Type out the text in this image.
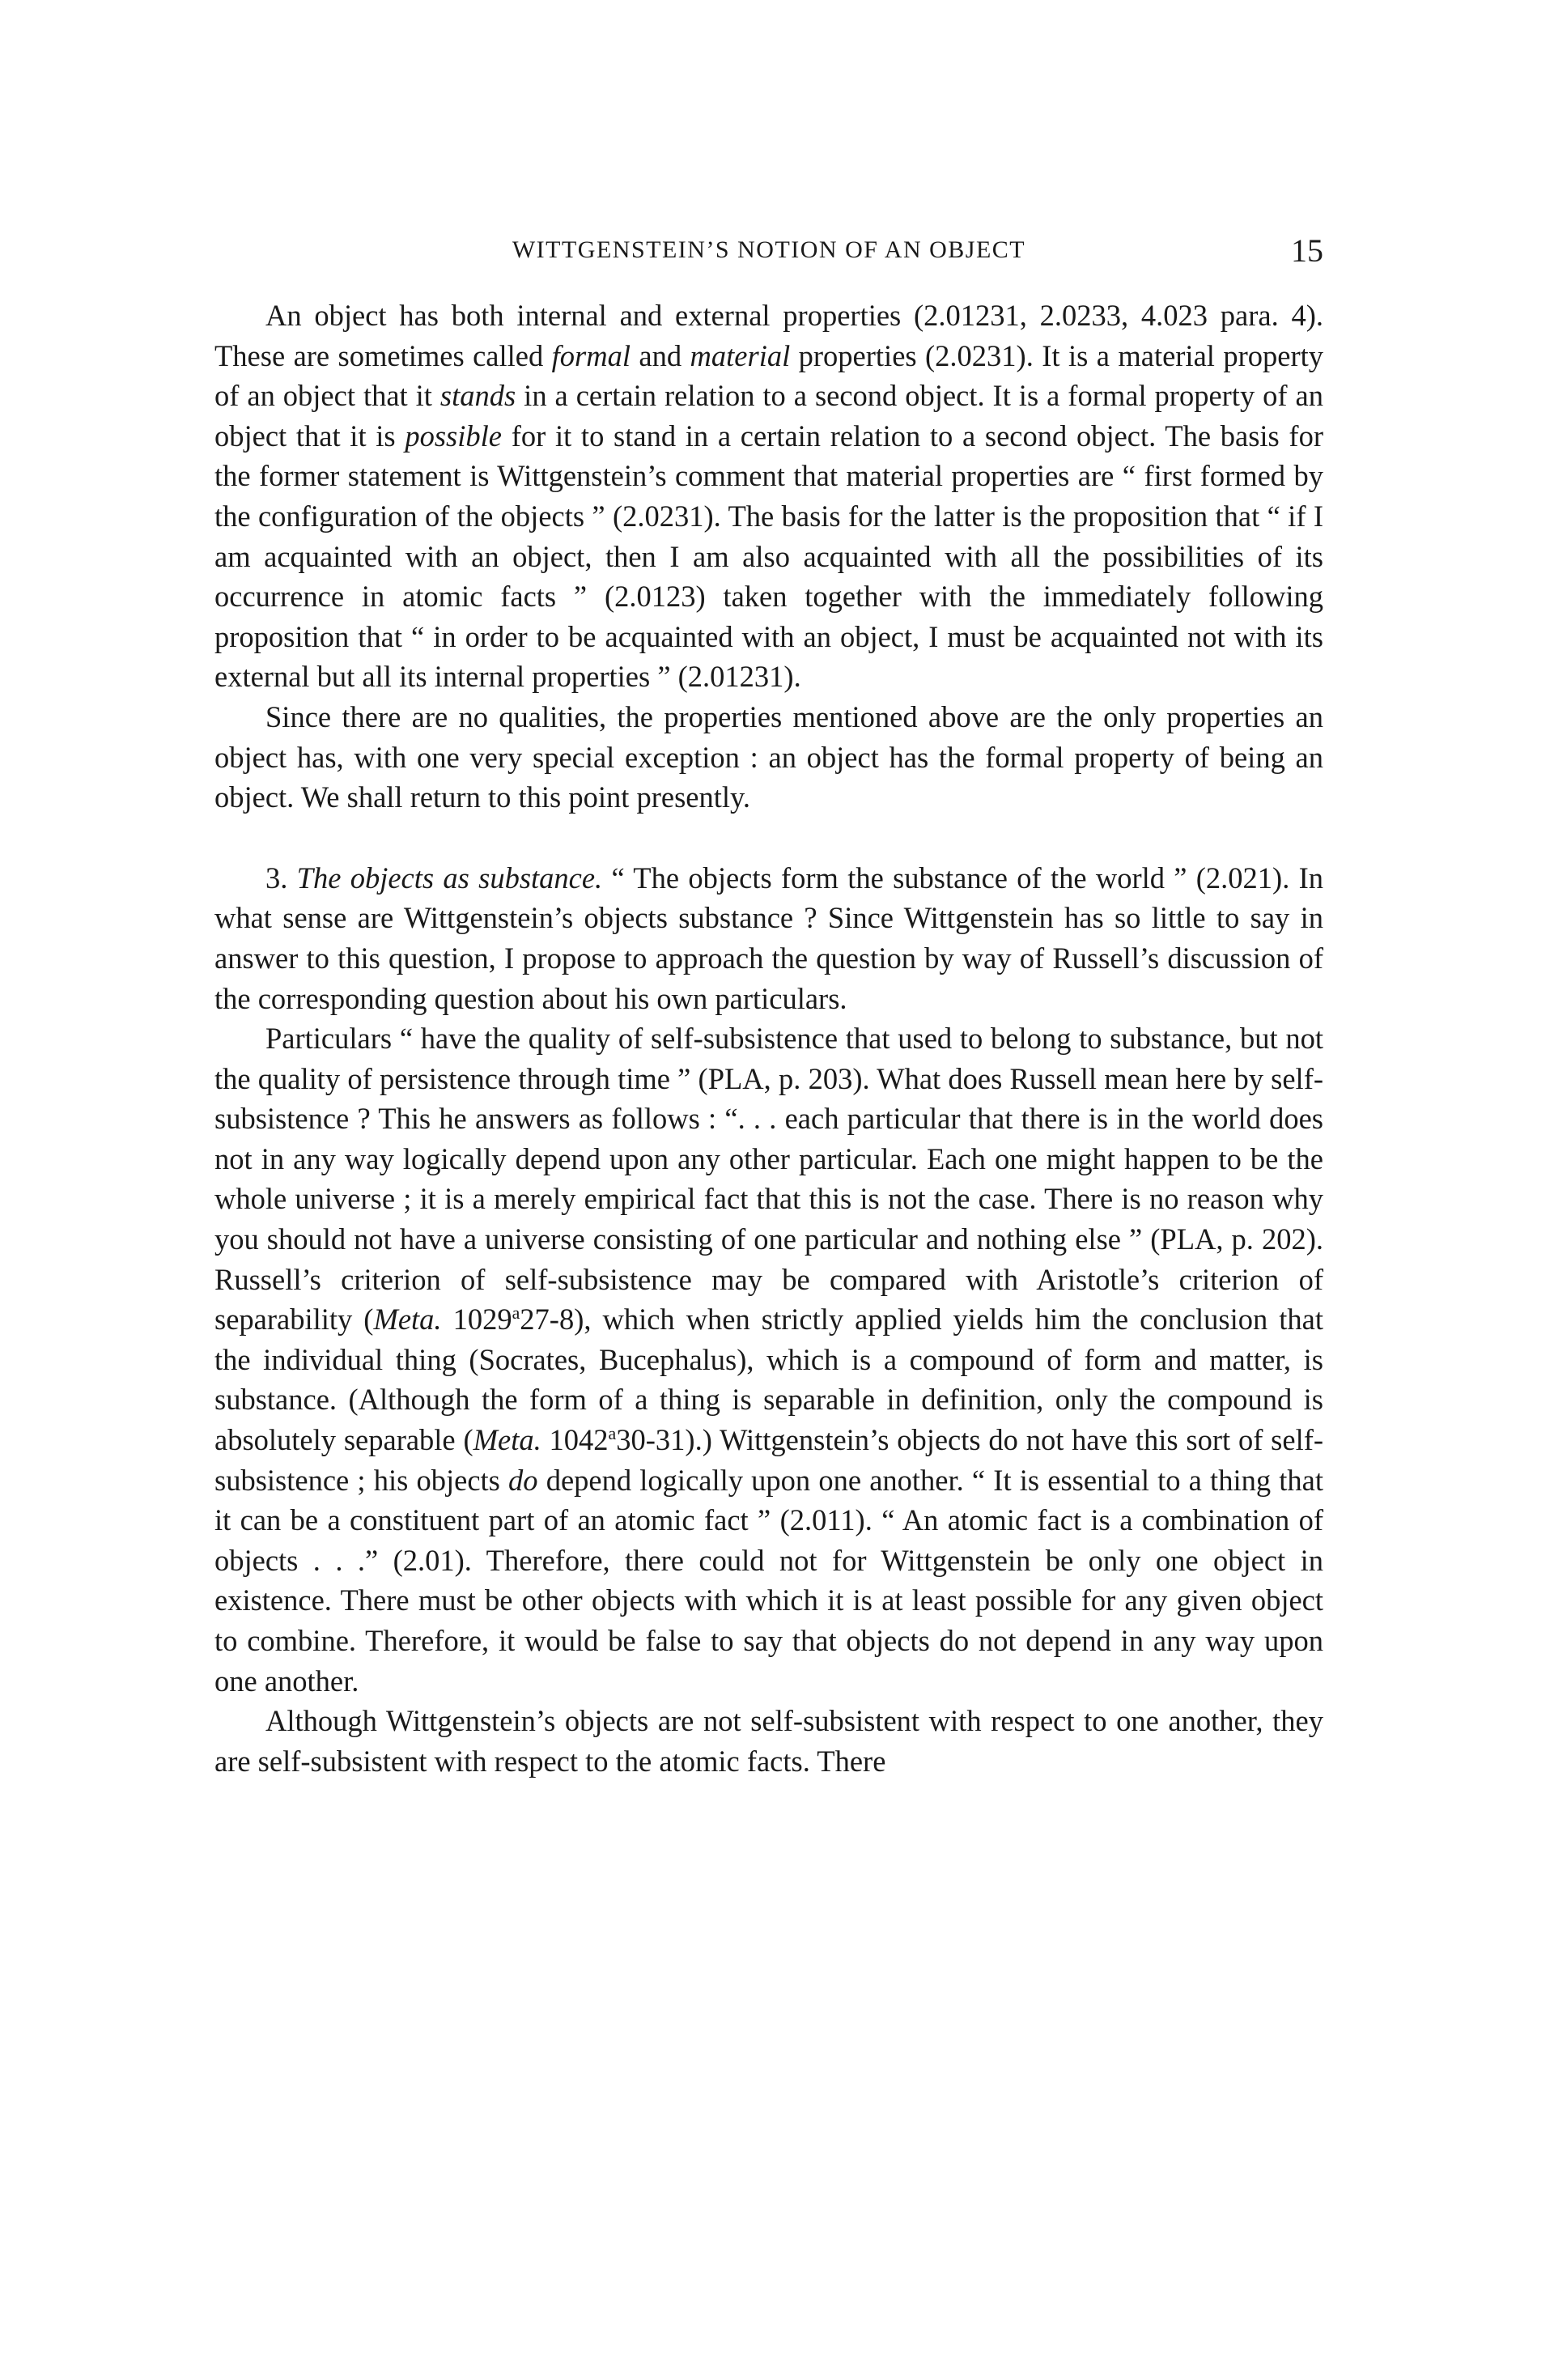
WITTGENSTEIN’S NOTION OF AN OBJECT	15

An object has both internal and external properties (2.01231, 2.0233, 4.023 para. 4). These are sometimes called formal and material properties (2.0231). It is a material property of an object that it stands in a certain relation to a second object. It is a formal property of an object that it is possible for it to stand in a certain relation to a second object. The basis for the former statement is Wittgenstein’s comment that material properties are “ first formed by the configuration of the objects ” (2.0231). The basis for the latter is the proposition that “ if I am acquainted with an object, then I am also acquainted with all the possibilities of its occurrence in atomic facts ” (2.0123) taken together with the immediately following proposition that “ in order to be acquainted with an object, I must be acquainted not with its external but all its internal properties ” (2.01231).

Since there are no qualities, the properties mentioned above are the only properties an object has, with one very special exception : an object has the formal property of being an object. We shall return to this point presently.

3. The objects as substance. “ The objects form the substance of the world ” (2.021). In what sense are Wittgenstein’s objects substance ? Since Wittgenstein has so little to say in answer to this question, I propose to approach the question by way of Russell’s discussion of the corresponding question about his own particulars.

Particulars “ have the quality of self-subsistence that used to belong to substance, but not the quality of persistence through time ” (PLA, p. 203). What does Russell mean here by self-subsistence ? This he answers as follows : “. . . each particular that there is in the world does not in any way logically depend upon any other particular. Each one might happen to be the whole universe ; it is a merely empirical fact that this is not the case. There is no reason why you should not have a universe consisting of one particular and nothing else ” (PLA, p. 202). Russell’s criterion of self-subsistence may be compared with Aristotle’s criterion of separability (Meta. 1029$^a$27-8), which when strictly applied yields him the conclusion that the individual thing (Socrates, Bucephalus), which is a compound of form and matter, is substance. (Although the form of a thing is separable in definition, only the compound is absolutely separable (Meta. 1042$^a$30-31).) Wittgenstein’s objects do not have this sort of self-subsistence ; his objects do depend logically upon one another. “ It is essential to a thing that it can be a constituent part of an atomic fact ” (2.011). “ An atomic fact is a combination of objects . . .” (2.01). Therefore, there could not for Wittgenstein be only one object in existence. There must be other objects with which it is at least possible for any given object to combine. Therefore, it would be false to say that objects do not depend in any way upon one another.

Although Wittgenstein’s objects are not self-subsistent with respect to one another, they are self-subsistent with respect to the atomic facts. There
